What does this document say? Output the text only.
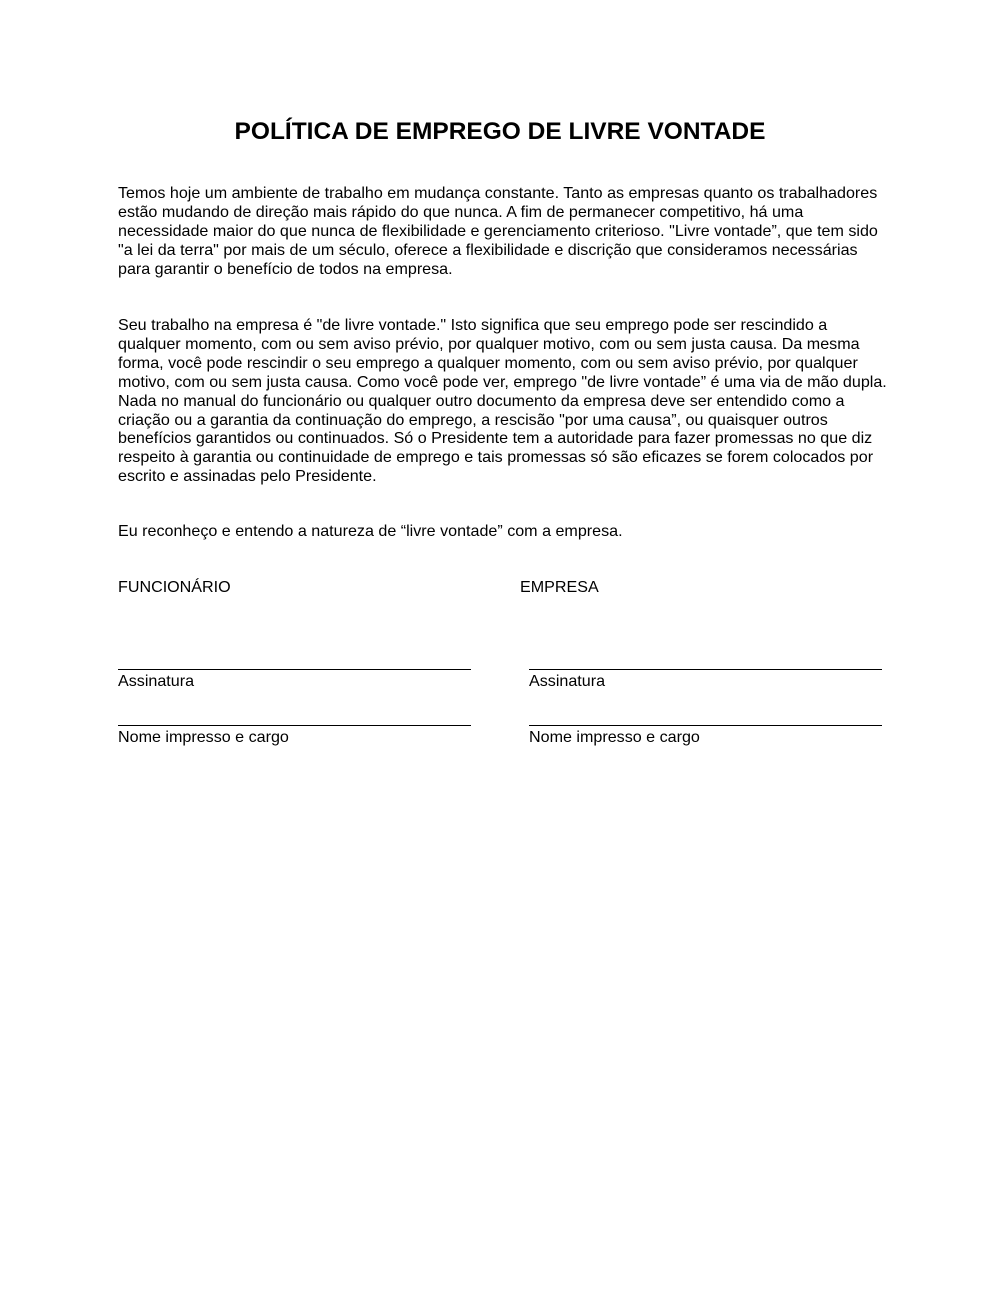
POLÍTICA DE EMPREGO DE LIVRE VONTADE

Temos hoje um ambiente de trabalho em mudança constante. Tanto as empresas quanto os trabalhadores estão mudando de direção mais rápido do que nunca. A fim de permanecer competitivo, há uma necessidade maior do que nunca de flexibilidade e gerenciamento criterioso. "Livre vontade”, que tem sido "a lei da terra" por mais de um século, oferece a flexibilidade e discrição que consideramos necessárias para garantir o benefício de todos na empresa.

Seu trabalho na empresa é "de livre vontade." Isto significa que seu emprego pode ser rescindido a qualquer momento, com ou sem aviso prévio, por qualquer motivo, com ou sem justa causa. Da mesma forma, você pode rescindir o seu emprego a qualquer momento, com ou sem aviso prévio, por qualquer motivo, com ou sem justa causa. Como você pode ver, emprego "de livre vontade” é uma via de mão dupla. Nada no manual do funcionário ou qualquer outro documento da empresa deve ser entendido como a criação ou a garantia da continuação do emprego, a rescisão "por uma causa”, ou quaisquer outros benefícios garantidos ou continuados. Só o Presidente tem a autoridade para fazer promessas no que diz respeito à garantia ou continuidade de emprego e tais promessas só são eficazes se forem colocados por escrito e assinadas pelo Presidente.

Eu reconheço e entendo a natureza de “livre vontade” com a empresa.

FUNCIONÁRIO
Assinatura
Nome impresso e cargo
EMPRESA
Assinatura
Nome impresso e cargo
